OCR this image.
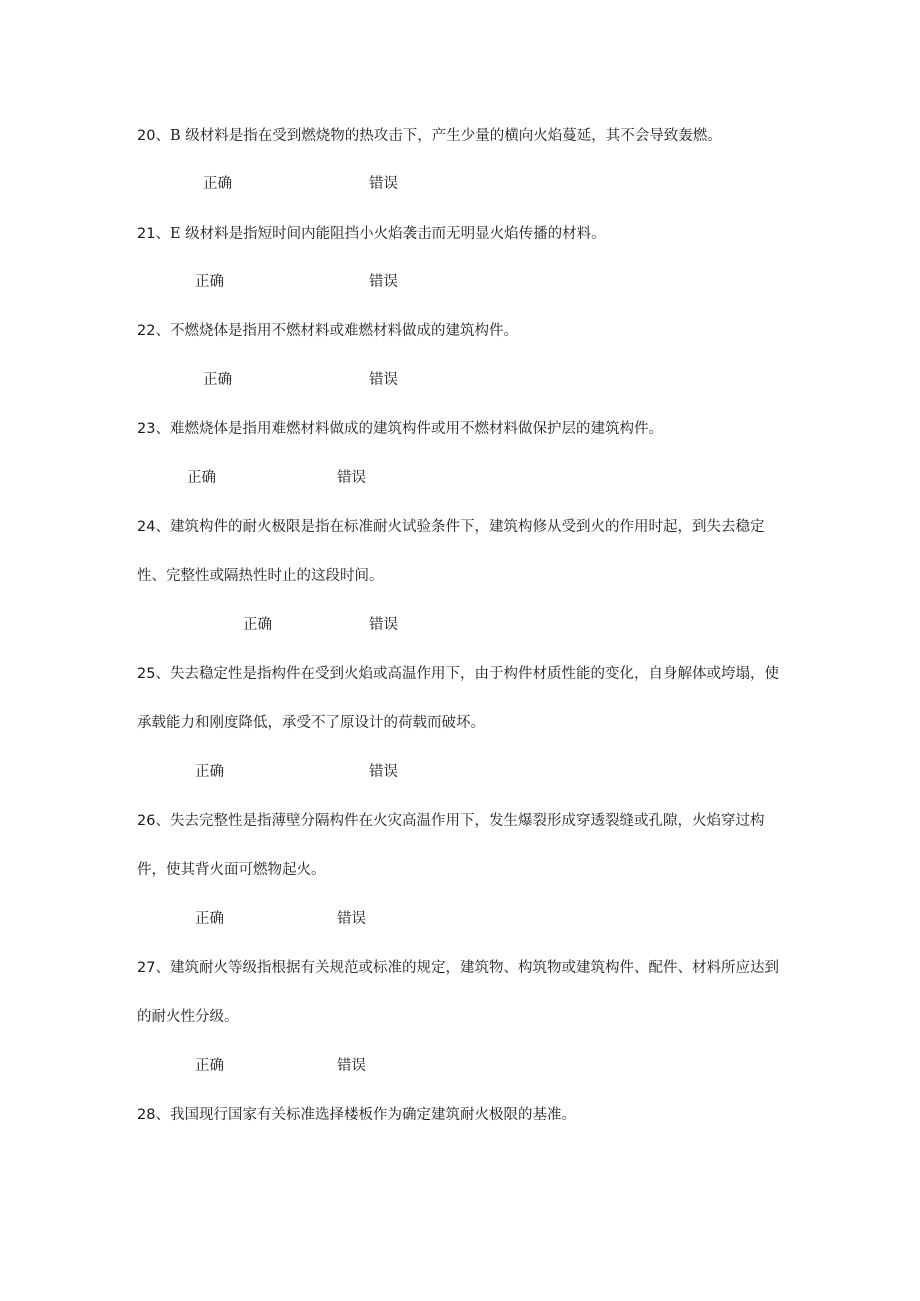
20、B 级材料是指在受到燃烧物的热攻击下，产生少量的横向火焰蔓延，其不会导致轰燃。

正确	错误

21、E 级材料是指短时间内能阻挡小火焰袭击而无明显火焰传播的材料。

正确	错误

22、不燃烧体是指用不燃材料或难燃材料做成的建筑构件。

正确	错误

23、难燃烧体是指用难燃材料做成的建筑构件或用不燃材料做保护层的建筑构件。

正确	错误

24、建筑构件的耐火极限是指在标准耐火试验条件下，建筑构修从受到火的作用时起，到失去稳定性、完整性或隔热性时止的这段时间。

正确	错误

25、失去稳定性是指构件在受到火焰或高温作用下，由于构件材质性能的变化，自身解体或垮塌，使承载能力和刚度降低，承受不了原设计的荷载而破坏。

正确	错误

26、失去完整性是指薄壁分隔构件在火灾高温作用下，发生爆裂形成穿透裂缝或孔隙，火焰穿过构件，使其背火面可燃物起火。

正确	错误

27、建筑耐火等级指根据有关规范或标准的规定，建筑物、构筑物或建筑构件、配件、材料所应达到的耐火性分级。

正确	错误

28、我国现行国家有关标准选择楼板作为确定建筑耐火极限的基准。
